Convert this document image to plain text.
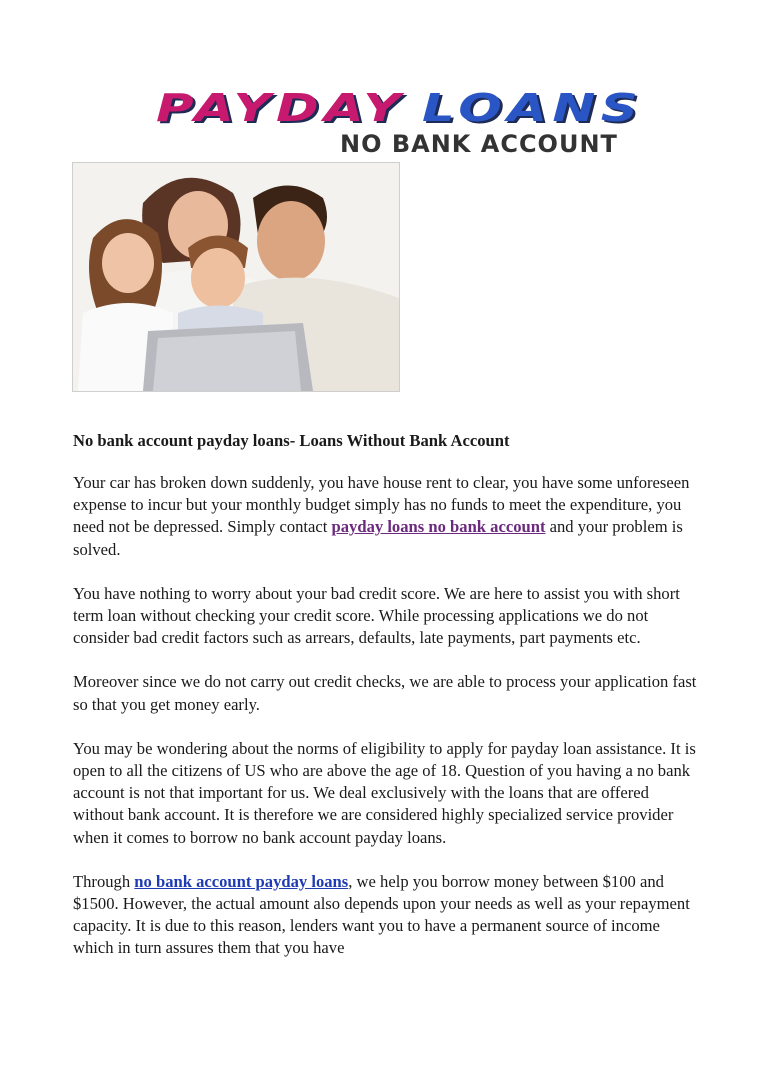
PAYDAY LOANS

NO BANK ACCOUNT

No bank account payday loans- Loans Without Bank Account

Your car has broken down suddenly, you have house rent to clear, you have some unforeseen expense to incur but your monthly budget simply has no funds to meet the expenditure, you need not be depressed. Simply contact payday loans no bank account and your problem is solved.

You have nothing to worry about your bad credit score. We are here to assist you with short term loan without checking your credit score. While processing applications we do not consider bad credit factors such as arrears, defaults, late payments, part payments etc.

Moreover since we do not carry out credit checks, we are able to process your application fast so that you get money early.

You may be wondering about the norms of eligibility to apply for payday loan assistance. It is open to all the citizens of US who are above the age of 18. Question of you having a no bank account is not that important for us. We deal exclusively with the loans that are offered without bank account. It is therefore we are considered highly specialized service provider when it comes to borrow no bank account payday loans.

Through no bank account payday loans, we help you borrow money between $100 and $1500. However, the actual amount also depends upon your needs as well as your repayment capacity. It is due to this reason, lenders want you to have a permanent source of income which in turn assures them that you have
